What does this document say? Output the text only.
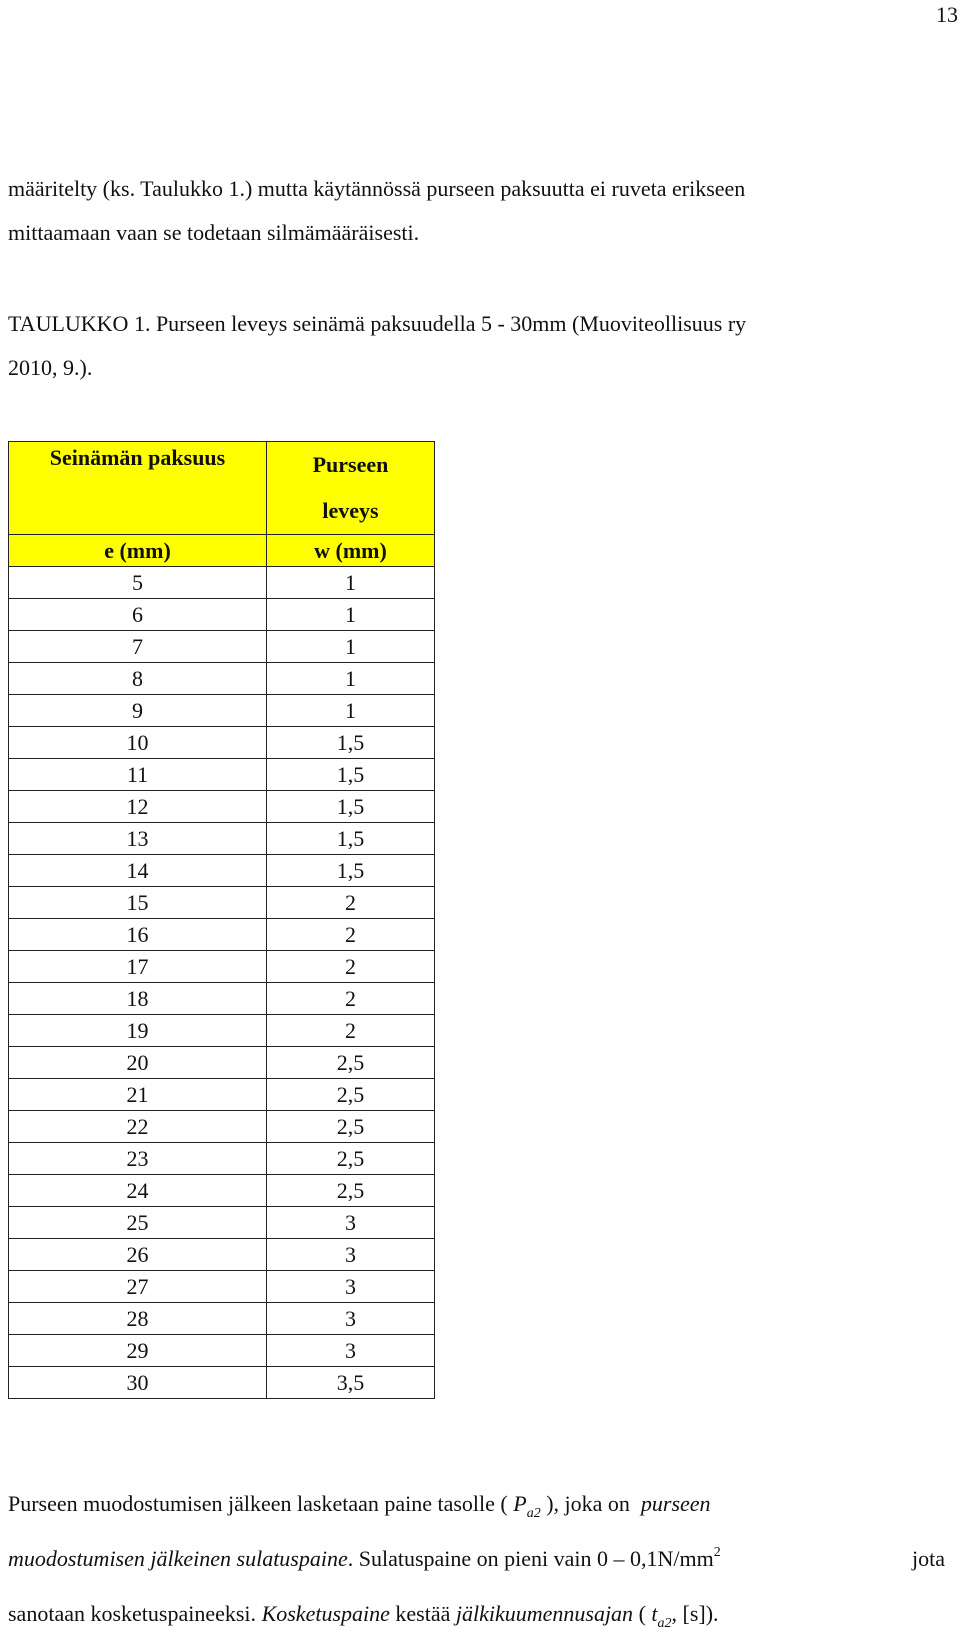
13

määritelty (ks. Taulukko 1.) mutta käytännössä purseen paksuutta ei ruveta erikseen
mittaamaan vaan se todetaan silmämääräisesti.

TAULUKKO 1. Purseen leveys seinämä paksuudella 5 - 30mm (Muoviteollisuus ry
2010, 9.).

Seinämän paksuus	Purseen
leveys
e (mm)	w (mm)
5	1
6	1
7	1
8	1
9	1
10	1,5
11	1,5
12	1,5
13	1,5
14	1,5
15	2
16	2
17	2
18	2
19	2
20	2,5
21	2,5
22	2,5
23	2,5
24	2,5
25	3
26	3
27	3
28	3
29	3
30	3,5

Purseen muodostumisen jälkeen lasketaan paine tasolle ( $P_{a2}$ ), joka on purseen
muodostumisen jälkeinen sulatuspaine. Sulatuspaine on pieni vain $0 - 0,1N/mm^2$	jota
sanotaan kosketuspaineeksi. Kosketuspaine kestää jälkikuumennusajan ( $t_{a2}$, [s]).
